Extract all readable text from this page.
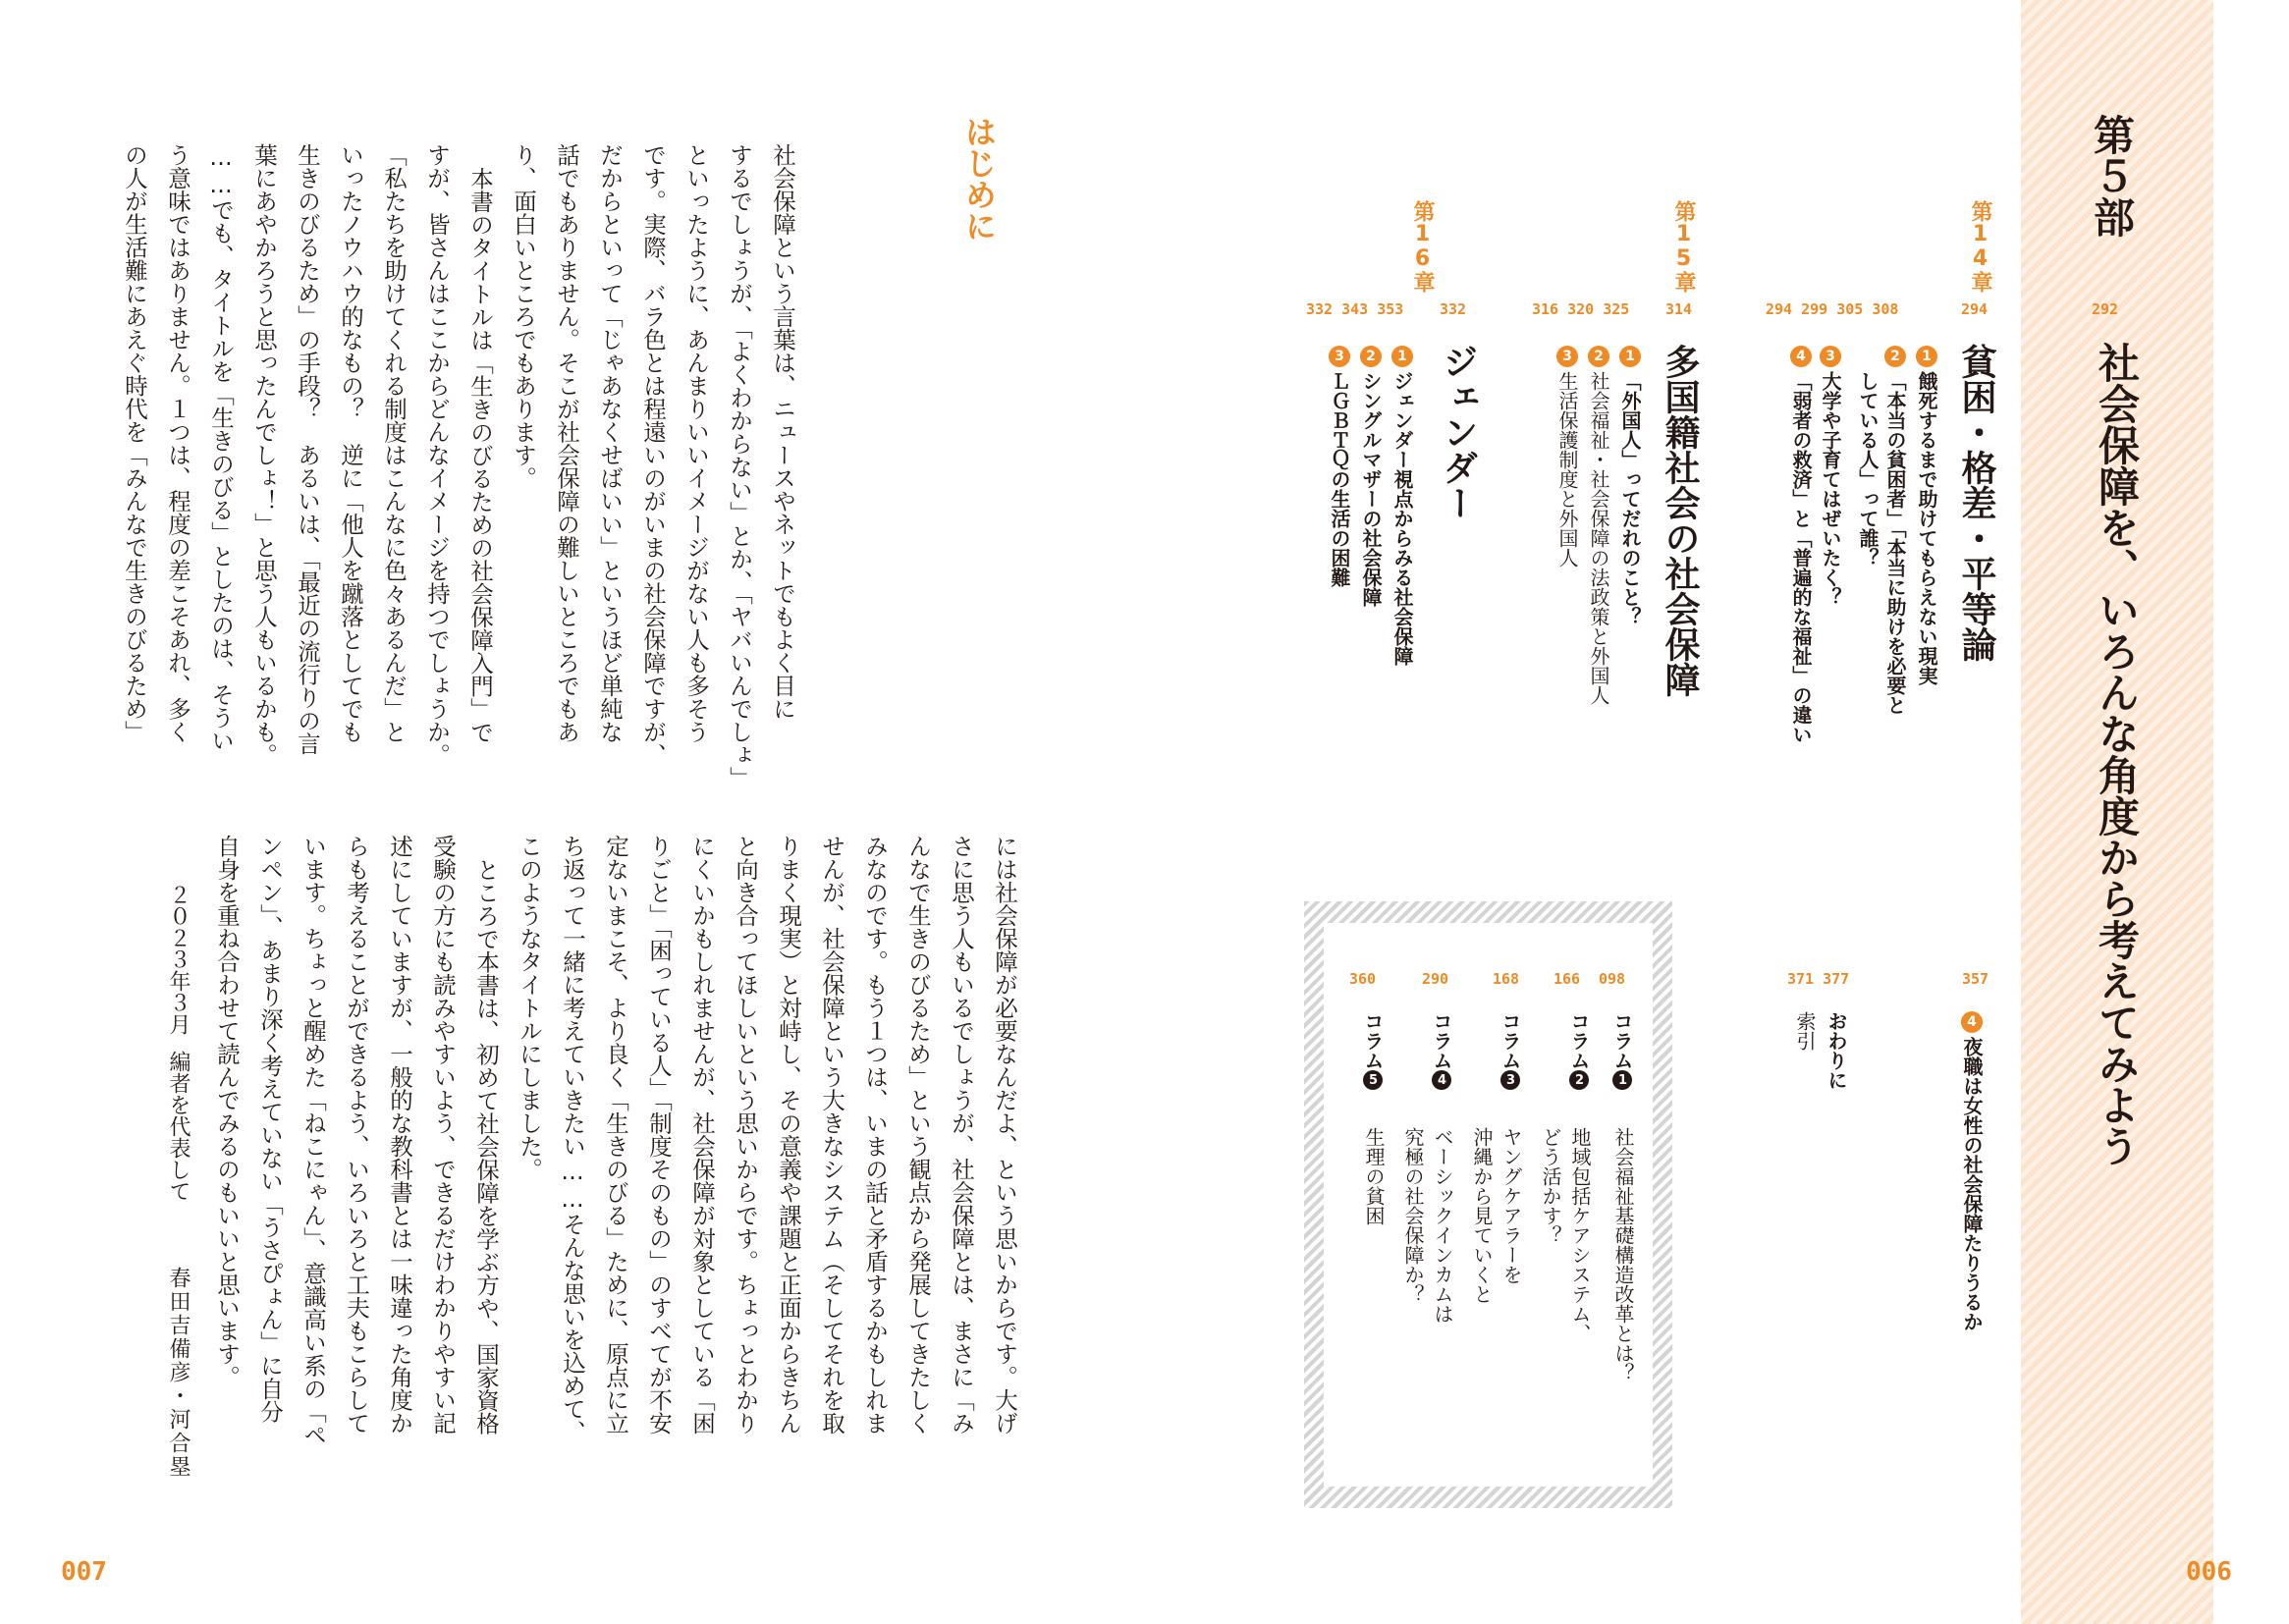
006
第５部
292
社会保障を、いろんな角度から考えてみよう
第14章
294
貧困・格差・平等論
294 299 305 308
1餓死するまで助けてもらえない現実
2「本当の貧困者」「本当に助けを必要と
している人」って誰？
3大学や子育てはぜいたく？
4「弱者の救済」と「普遍的な福祉」の違い
第15章
314
多国籍社会の社会保障
316 320 325
1「外国人」ってだれのこと？
2社会福祉・社会保障の法政策と外国人
3生活保護制度と外国人
第16章
332
ジェンダー
332 343 353
1ジェンダー視点からみる社会保障
2シングルマザーの社会保障
3ＬＧＢＴＱの生活の困難
357
4夜職は女性の社会保障たりうるか
371 377
おわりに
索引
098
コラム1
社会福祉基礎構造改革とは？
166
コラム2
地域包括ケアシステム、
どう活かす？
168
コラム3
ヤングケアラーを
沖縄から見ていくと
290
コラム4
ベーシックインカムは
究極の社会保障か？
360
コラム5
生理の貧困
007
はじめに
社会保障という言葉は、ニュースやネットでもよく目に
するでしょうが、「よくわからない」とか、「ヤバいんでしょ」
といったように、あんまりいいイメージがない人も多そう
です。実際、バラ色とは程遠いのがいまの社会保障ですが、
だからといって「じゃあなくせばいい」というほど単純な
話でもありません。そこが社会保障の難しいところでもあ
り、面白いところでもあります。
本書のタイトルは「生きのびるための社会保障入門」で
すが、皆さんはここからどんなイメージを持つでしょうか。
「私たちを助けてくれる制度はこんなに色々あるんだ」と
いったノウハウ的なもの？　逆に「他人を蹴落としてでも
生きのびるため」の手段？　あるいは、「最近の流行りの言
葉にあやかろうと思ったんでしょ！」と思う人もいるかも。
……でも、タイトルを「生きのびる」としたのは、そうい
う意味ではありません。１つは、程度の差こそあれ、多く
の人が生活難にあえぐ時代を「みんなで生きのびるため」
には社会保障が必要なんだよ、という思いからです。大げ
さに思う人もいるでしょうが、社会保障とは、まさに「み
んなで生きのびるため」という観点から発展してきたしく
みなのです。もう１つは、いまの話と矛盾するかもしれま
せんが、社会保障という大きなシステム（そしてそれを取
りまく現実）と対峙し、その意義や課題と正面からきちん
と向き合ってほしいという思いからです。ちょっとわかり
にくいかもしれませんが、社会保障が対象としている「困
りごと」「困っている人」「制度そのもの」のすべてが不安
定ないまこそ、より良く「生きのびる」ために、原点に立
ち返って一緒に考えていきたい……そんな思いを込めて、
このようなタイトルにしました。
ところで本書は、初めて社会保障を学ぶ方や、国家資格
受験の方にも読みやすいよう、できるだけわかりやすい記
述にしていますが、一般的な教科書とは一味違った角度か
らも考えることができるよう、いろいろと工夫もこらして
います。ちょっと醒めた「ねこにゃん」、意識高い系の「ペ
ンペン」、あまり深く考えていない「うさぴょん」に自分
自身を重ね合わせて読んでみるのもいいと思います。
２０２３年３月
編者を代表して
春田吉備彦・河合塁
